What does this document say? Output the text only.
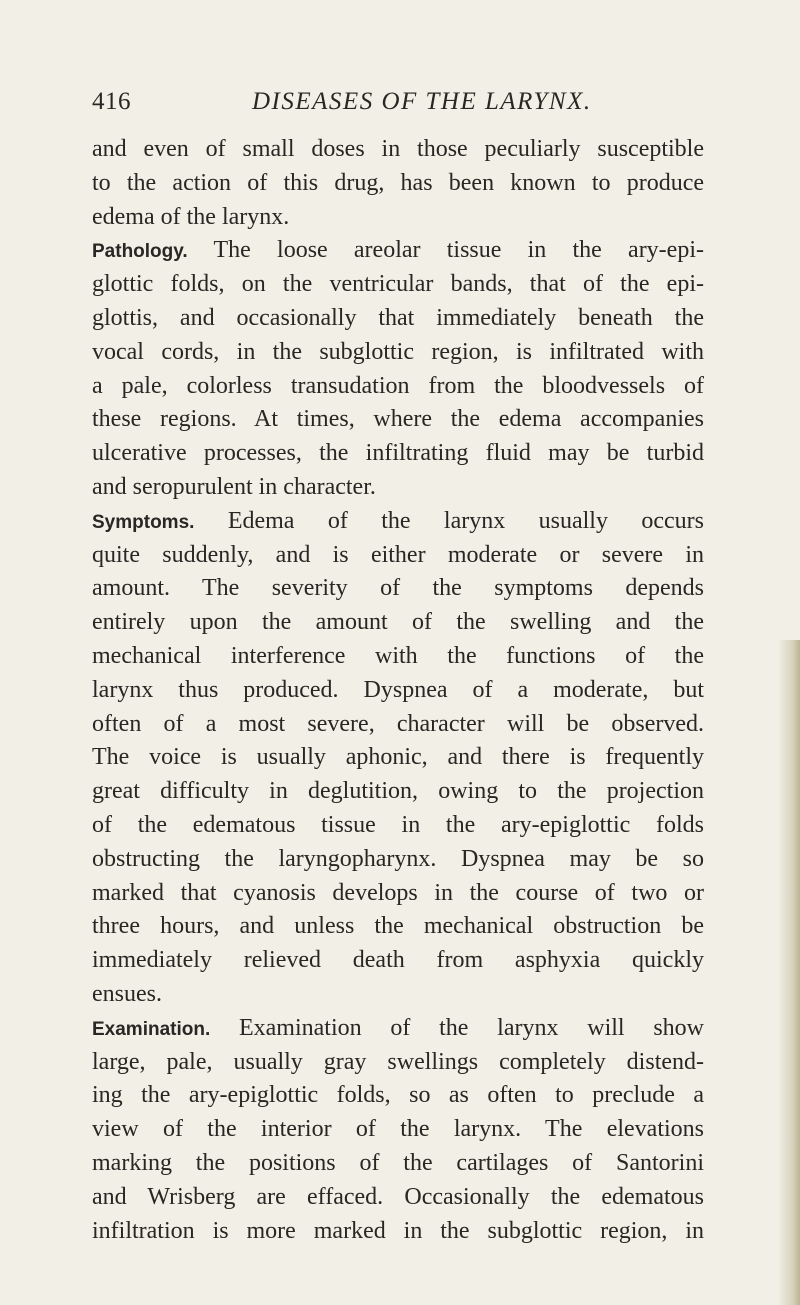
416	DISEASES OF THE LARYNX.
and even of small doses in those peculiarly susceptible
to the action of this drug, has been known to produce
edema of the larynx.
Pathology. The loose areolar tissue in the ary-epi-
glottic folds, on the ventricular bands, that of the epi-
glottis, and occasionally that immediately beneath the
vocal cords, in the subglottic region, is infiltrated with
a pale, colorless transudation from the bloodvessels of
these regions. At times, where the edema accompanies
ulcerative processes, the infiltrating fluid may be turbid
and seropurulent in character.
Symptoms. Edema of the larynx usually occurs
quite suddenly, and is either moderate or severe in
amount. The severity of the symptoms depends
entirely upon the amount of the swelling and the
mechanical interference with the functions of the
larynx thus produced. Dyspnea of a moderate, but
often of a most severe, character will be observed.
The voice is usually aphonic, and there is frequently
great difficulty in deglutition, owing to the projection
of the edematous tissue in the ary-epiglottic folds
obstructing the laryngopharynx. Dyspnea may be so
marked that cyanosis develops in the course of two or
three hours, and unless the mechanical obstruction be
immediately relieved death from asphyxia quickly
ensues.
Examination. Examination of the larynx will show
large, pale, usually gray swellings completely distend-
ing the ary-epiglottic folds, so as often to preclude a
view of the interior of the larynx. The elevations
marking the positions of the cartilages of Santorini
and Wrisberg are effaced. Occasionally the edematous
infiltration is more marked in the subglottic region, in
